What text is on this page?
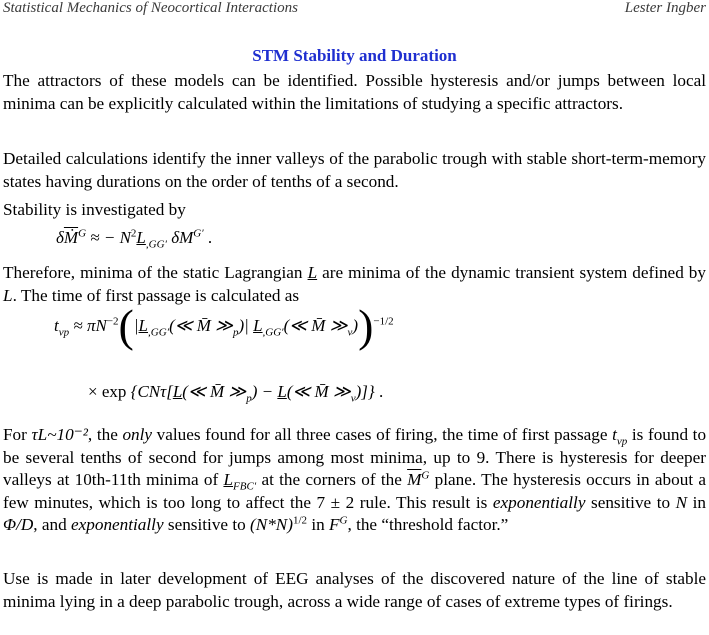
Statistical Mechanics of Neocortical Interactions	Lester Ingber
STM Stability and Duration

The attractors of these models can be identified. Possible hysteresis and/or jumps between local minima can be explicitly calculated within the limitations of studying a specific attractors.

Detailed calculations identify the inner valleys of the parabolic trough with stable short-term-memory states having durations on the order of tenths of a second.

Stability is investigated by

$\delta\overline{Ṁ}^G$ ≈ − $N^2L_{,GG'}$ $\delta M^{G'}$ .

Therefore, minima of the static Lagrangian L are minima of the dynamic transient system defined by L. The time of first passage is calculated as

$t_{vp}$ ≈ $\pi N^{-2}(|L_{,GG'}(≪$ M̄ $≫_p)|$ $L_{,GG'}(≪$ M̄ $≫_v))^{-1/2}$
× exp {CNτ[L(≪ M̄ $≫_p$) − L(≪ M̄ $≫_v$)]} .

For τL~10⁻², the only values found for all three cases of firing, the time of first passage $t_{vp}$ is found to be several tenths of second for jumps among most minima, up to 9. There is hysteresis for deeper valleys at 10th-11th minima of $L_{FBC'}$ at the corners of the $\overline{M}^G$ plane. The hysteresis occurs in about a few minutes, which is too long to affect the 7 ± 2 rule. This result is exponentially sensitive to N in Φ/D, and exponentially sensitive to $(N*N)^{1/2}$ in $F^G$, the “threshold factor.”

Use is made in later development of EEG analyses of the discovered nature of the line of stable minima lying in a deep parabolic trough, across a wide range of cases of extreme types of firings.
